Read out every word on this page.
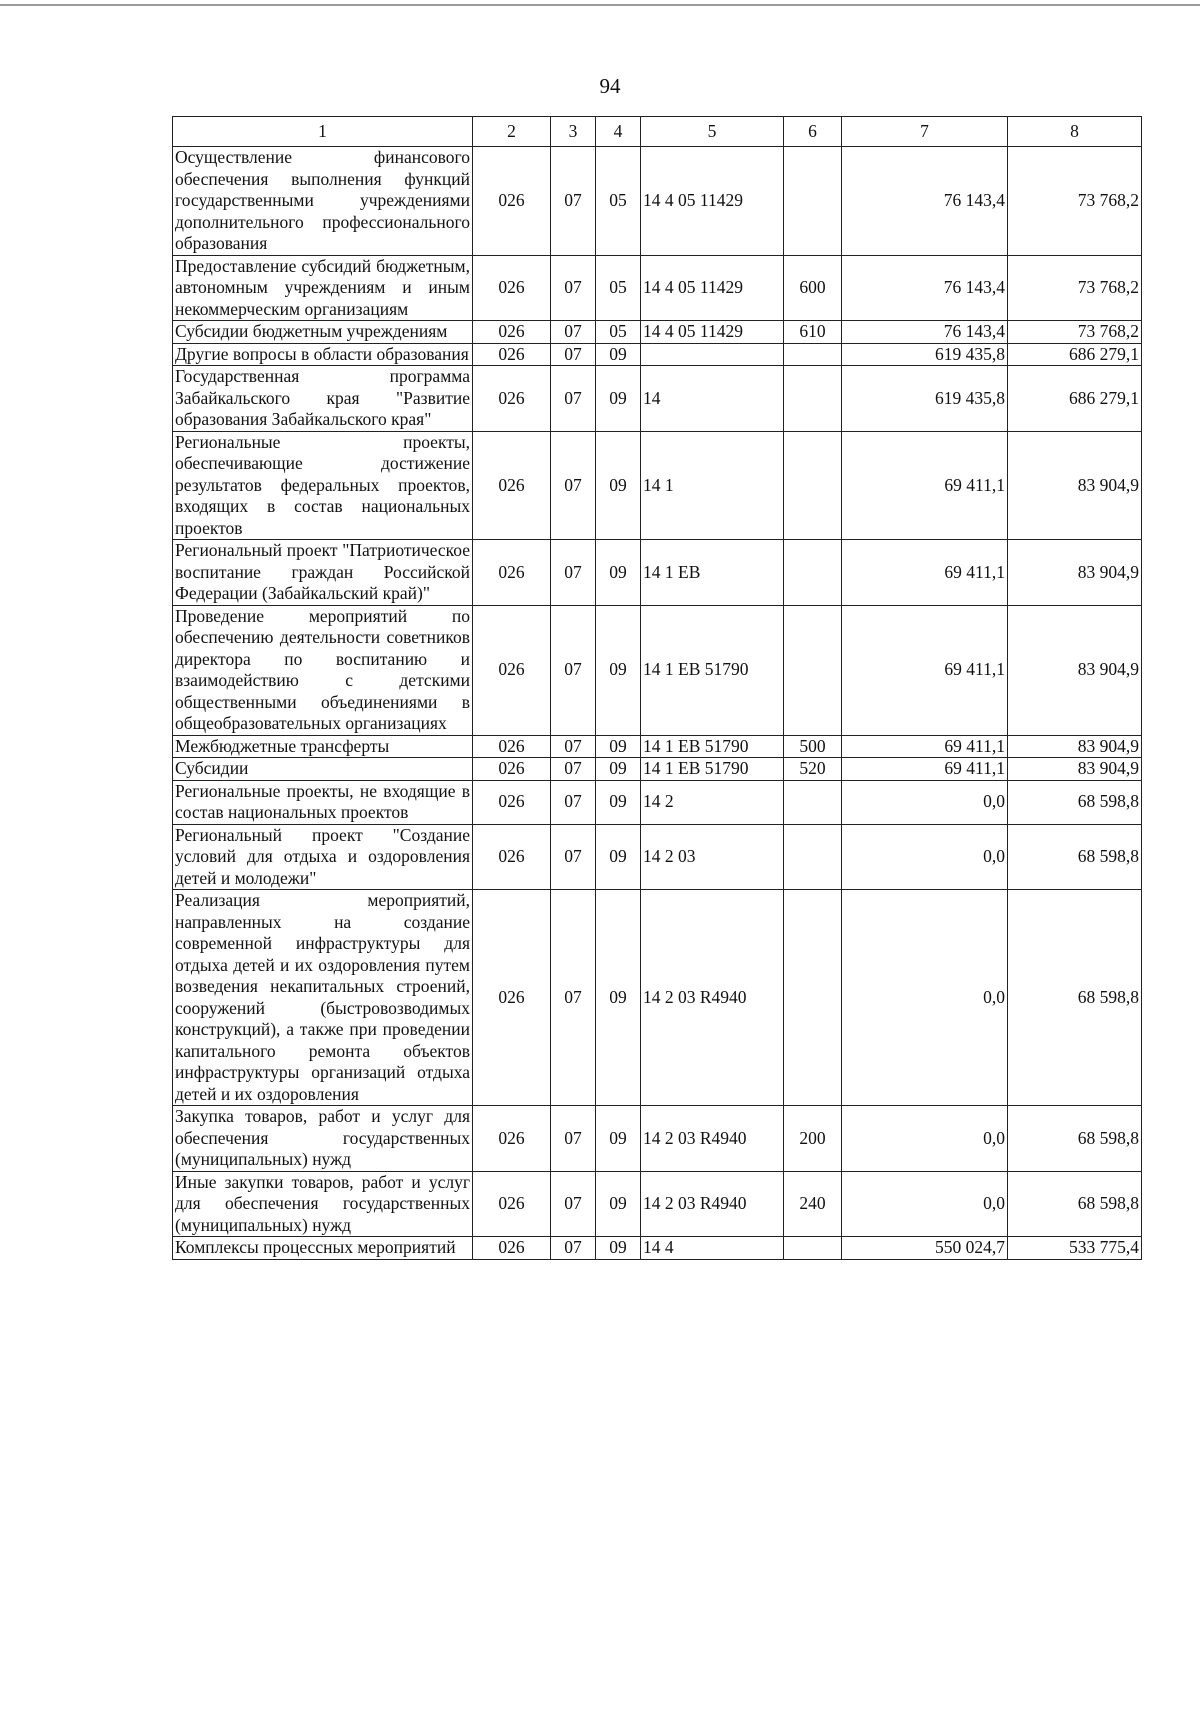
94
1	2	3	4	5	6	7	8
Осуществление финансового обеспечения выполнения функций государственными учреждениями дополнительного профессионального образования	026	07	05	14 4 05 11429		76 143,4	73 768,2
Предоставление субсидий бюджетным, автономным учреждениям и иным некоммерческим организациям	026	07	05	14 4 05 11429	600	76 143,4	73 768,2
Субсидии бюджетным учреждениям	026	07	05	14 4 05 11429	610	76 143,4	73 768,2
Другие вопросы в области образования	026	07	09			619 435,8	686 279,1
Государственная программа Забайкальского края "Развитие образования Забайкальского края"	026	07	09	14		619 435,8	686 279,1
Региональные проекты, обеспечивающие достижение результатов федеральных проектов, входящих в состав национальных проектов	026	07	09	14 1		69 411,1	83 904,9
Региональный проект "Патриотическое воспитание граждан Российской Федерации (Забайкальский край)"	026	07	09	14 1 ЕВ		69 411,1	83 904,9
Проведение мероприятий по обеспечению деятельности советников директора по воспитанию и взаимодействию с детскими общественными объединениями в общеобразовательных организациях	026	07	09	14 1 ЕВ 51790		69 411,1	83 904,9
Межбюджетные трансферты	026	07	09	14 1 ЕВ 51790	500	69 411,1	83 904,9
Субсидии	026	07	09	14 1 ЕВ 51790	520	69 411,1	83 904,9
Региональные проекты, не входящие в состав национальных проектов	026	07	09	14 2		0,0	68 598,8
Региональный проект "Создание условий для отдыха и оздоровления детей и молодежи"	026	07	09	14 2 03		0,0	68 598,8
Реализация мероприятий, направленных на создание современной инфраструктуры для отдыха детей и их оздоровления путем возведения некапитальных строений, сооружений (быстровозводимых конструкций), а также при проведении капитального ремонта объектов инфраструктуры организаций отдыха детей и их оздоровления	026	07	09	14 2 03 R4940		0,0	68 598,8
Закупка товаров, работ и услуг для обеспечения государственных (муниципальных) нужд	026	07	09	14 2 03 R4940	200	0,0	68 598,8
Иные закупки товаров, работ и услуг для обеспечения государственных (муниципальных) нужд	026	07	09	14 2 03 R4940	240	0,0	68 598,8
Комплексы процессных мероприятий	026	07	09	14 4		550 024,7	533 775,4
